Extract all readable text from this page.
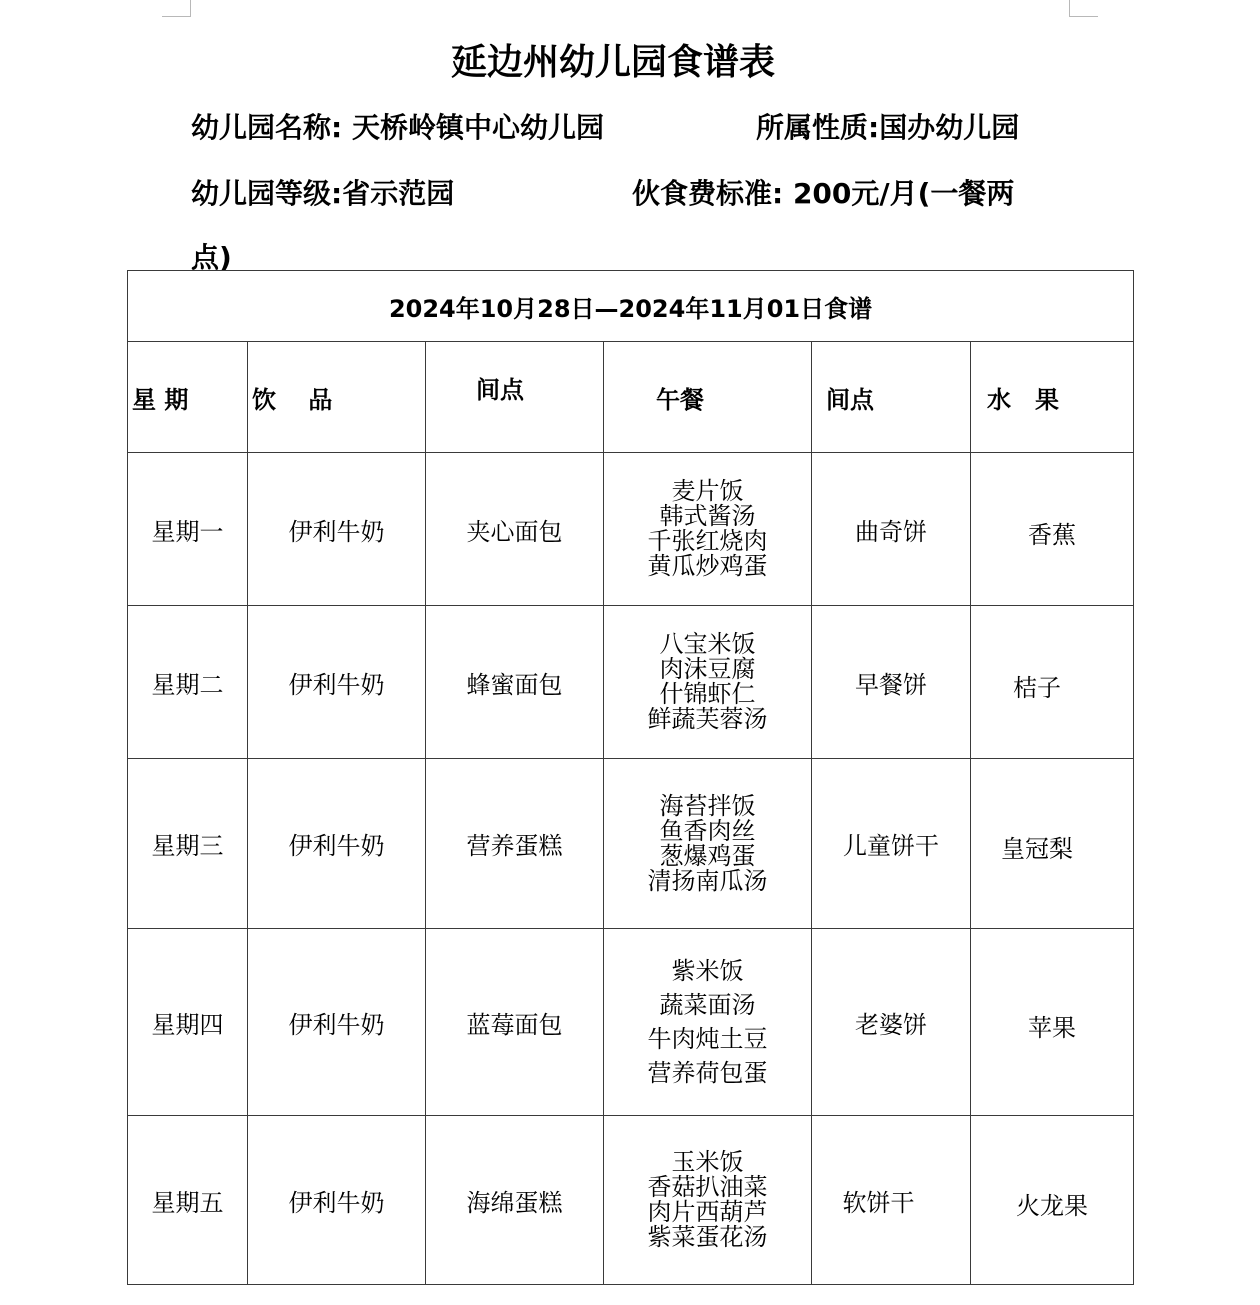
延边州幼儿园食谱表
幼儿园名称: 天桥岭镇中心幼儿园	所属性质:国办幼儿园
幼儿园等级:省示范园	伙食费标准: 200元/月(一餐两
点)
2024年10月28日—2024年11月01日食谱					
星 期	饮　 品	间点	午餐	间点	水　果
星期一	伊利牛奶	夹心面包	麦片饭
韩式酱汤
千张红烧肉
黄瓜炒鸡蛋	曲奇饼	香蕉
星期二	伊利牛奶	蜂蜜面包	八宝米饭
肉沫豆腐
什锦虾仁
鲜蔬芙蓉汤	早餐饼	桔子
星期三	伊利牛奶	营养蛋糕	海苔拌饭
鱼香肉丝
葱爆鸡蛋
清扬南瓜汤	儿童饼干	皇冠梨
星期四	伊利牛奶	蓝莓面包	紫米饭
蔬菜面汤
牛肉炖土豆
营养荷包蛋	老婆饼	苹果
星期五	伊利牛奶	海绵蛋糕	玉米饭
香菇扒油菜
肉片西葫芦
紫菜蛋花汤	软饼干	火龙果
